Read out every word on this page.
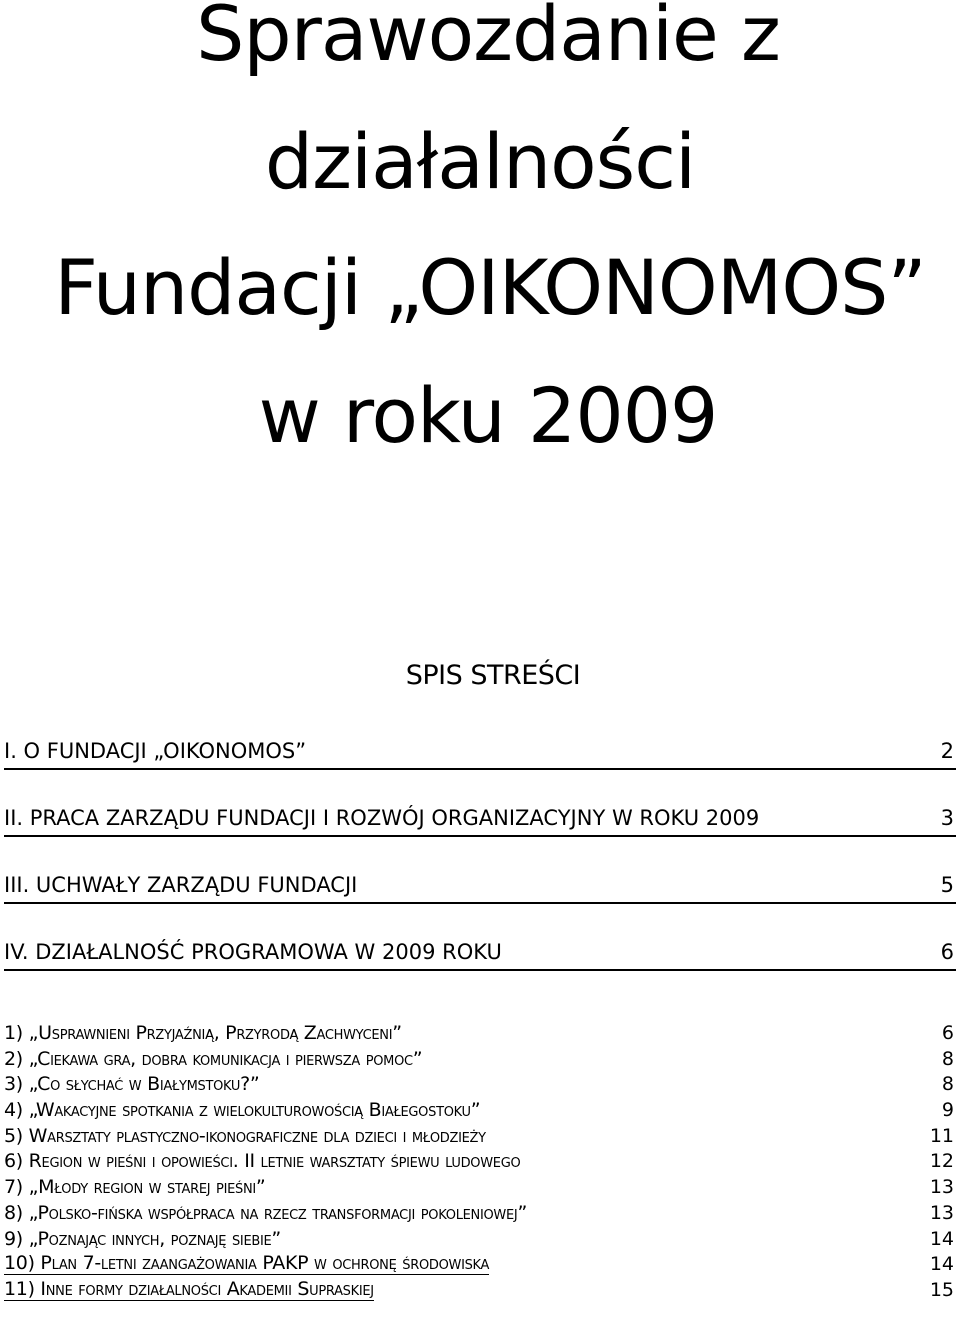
Sprawozdanie z
działalności
Fundacji „OIKONOMOS”
w roku 2009
SPIS STREŚCI
I. O FUNDACJI „OIKONOMOS”	2
II. PRACA ZARZĄDU FUNDACJI I ROZWÓJ ORGANIZACYJNY W ROKU 2009	3
III. UCHWAŁY ZARZĄDU FUNDACJI	5
IV. DZIAŁALNOŚĆ PROGRAMOWA W 2009 ROKU	6
1) „Usprawnieni Przyjaźnią, Przyrodą Zachwyceni”	6
2) „Ciekawa gra, dobra komunikacja i pierwsza pomoc”	8
3) „Co słychać w Białymstoku?”	8
4) „Wakacyjne spotkania z wielokulturowością Białegostoku”	9
5) Warsztaty plastyczno-ikonograficzne dla dzieci i młodzieży	11
6) Region w pieśni i opowieści. II letnie warsztaty śpiewu ludowego	12
7) „Młody region w starej pieśni”	13
8) „Polsko-fińska współpraca na rzecz transformacji pokoleniowej”	13
9) „Poznając innych, poznaję siebie”	14
10) Plan 7-letni zaangażowania PAKP w ochronę środowiska	14
11) Inne formy działalności Akademii Supraskiej	15
